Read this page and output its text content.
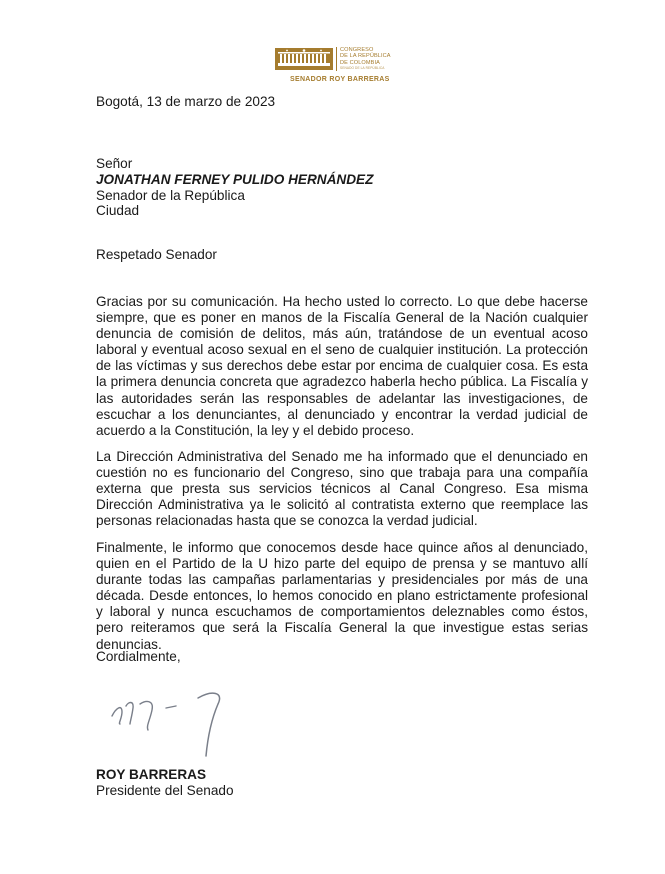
CONGRESO
DE LA REPÚBLICA
DE COLOMBIA
SENADO DE LA REPÚBLICA
SENADOR ROY BARRERAS
Bogotá, 13 de marzo de 2023
Señor
JONATHAN FERNEY PULIDO HERNÁNDEZ
Senador de la República
Ciudad
Respetado Senador
Gracias por su comunicación. Ha hecho usted lo correcto. Lo que debe hacerse siempre, que es poner en manos de la Fiscalía General de la Nación cualquier denuncia de comisión de delitos, más aún, tratándose de un eventual acoso laboral y eventual acoso sexual en el seno de cualquier institución. La protección de las víctimas y sus derechos debe estar por encima de cualquier cosa. Es esta la primera denuncia concreta que agradezco haberla hecho pública. La Fiscalía y las autoridades serán las responsables de adelantar las investigaciones, de escuchar a los denunciantes, al denunciado y encontrar la verdad judicial de acuerdo a la Constitución, la ley y el debido proceso.
La Dirección Administrativa del Senado me ha informado que el denunciado en cuestión no es funcionario del Congreso, sino que trabaja para una compañía externa que presta sus servicios técnicos al Canal Congreso. Esa misma Dirección Administrativa ya le solicitó al contratista externo que reemplace las personas relacionadas hasta que se conozca la verdad judicial.
Finalmente, le informo que conocemos desde hace quince años al denunciado, quien en el Partido de la U hizo parte del equipo de prensa y se mantuvo allí durante todas las campañas parlamentarias y presidenciales por más de una década. Desde entonces, lo hemos conocido en plano estrictamente profesional y laboral y nunca escuchamos de comportamientos deleznables como éstos, pero reiteramos que será la Fiscalía General la que investigue estas serias denuncias.
Cordialmente,
ROY BARRERAS
Presidente del Senado
